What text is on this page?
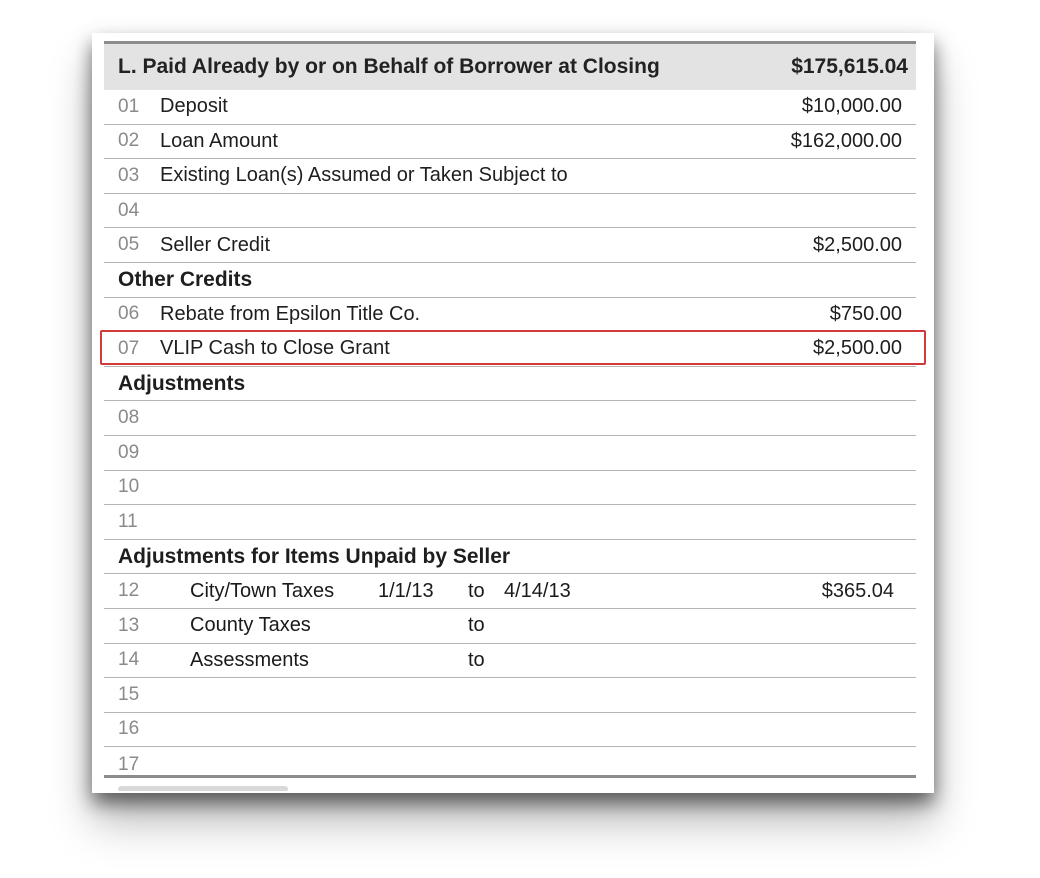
L. Paid Already by or on Behalf of Borrower at Closing	$175,615.04
01	Deposit	$10,000.00
02	Loan Amount	$162,000.00
03	Existing Loan(s) Assumed or Taken Subject to
04
05	Seller Credit	$2,500.00
Other Credits
06	Rebate from Epsilon Title Co.	$750.00
07	VLIP Cash to Close Grant	$2,500.00
Adjustments
08
09
10
11
Adjustments for Items Unpaid by Seller
12	City/Town Taxes	1/1/13	to 4/14/13	$365.04
13	County Taxes	to
14	Assessments	to
15
16
17
